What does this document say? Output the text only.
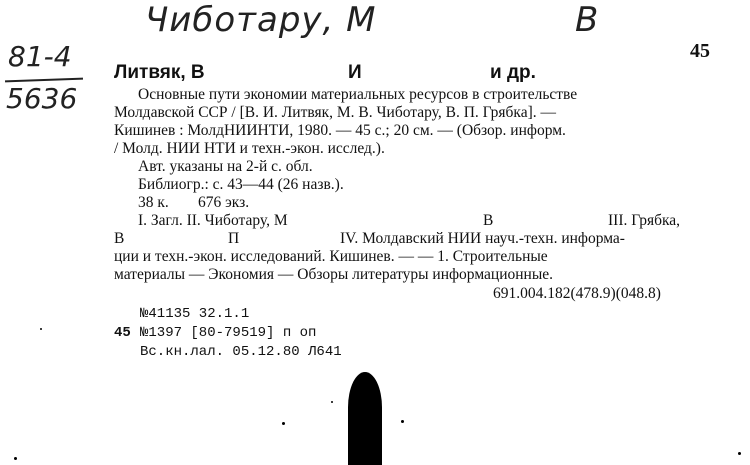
Чиботару, М	В
81-4
5636
45
Литвяк, В	И	и др.
Основные пути экономии материальных ресурсов в строительстве
Молдавской ССР / [В. И. Литвяк, М. В. Чиботару, В. П. Грябка]. —
Кишинев : МолдНИИНТИ, 1980. — 45 с.; 20 см. — (Обзор. информ.
/ Молд. НИИ НТИ и техн.-экон. исслед.).
Авт. указаны на 2-й с. обл.
Библиогр.: с. 43—44 (26 назв.).
38 к. 676 экз.
I. Загл. II. Чиботару, М	В	III. Грябка,
В	П	IV. Молдавский НИИ науч.-техн. информа-
ции и техн.-экон. исследований. Кишинев. — — 1. Строительные
материалы — Экономия — Обзоры литературы информационные.
691.004.182(478.9)(048.8)
№41135 32.1.1
45 №1397 [80-79519] п оп
Вс.кн.лал. 05.12.80 Л641
